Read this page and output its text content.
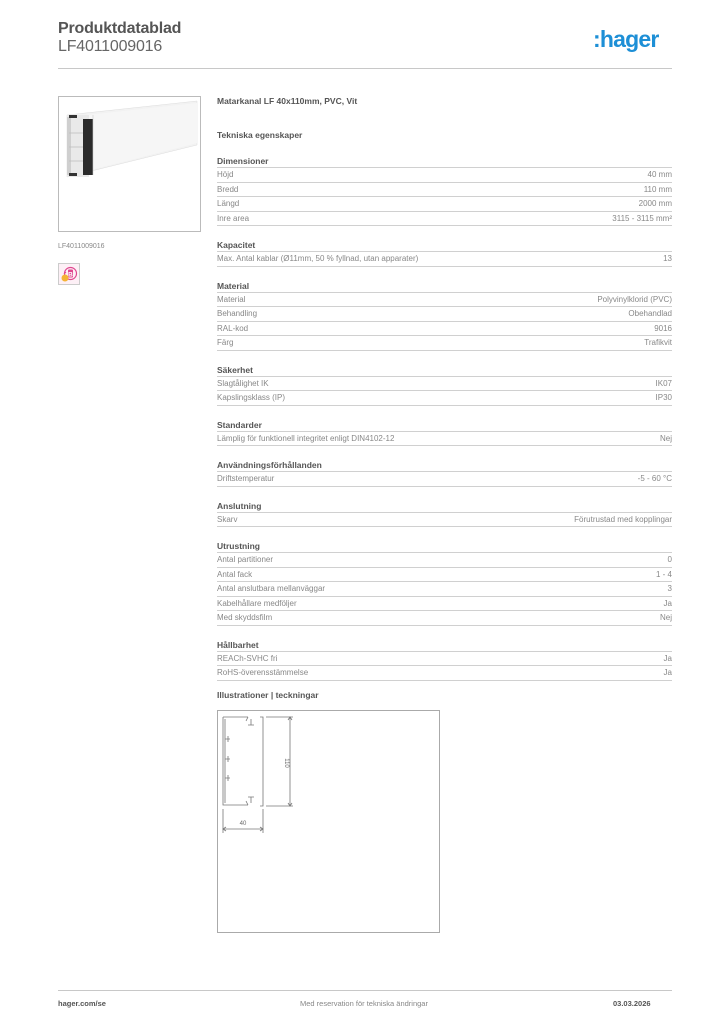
Produktdatablad
LF4011009016	:hager
LF4011009016
B
Matarkanal LF 40x110mm, PVC, Vit
Tekniska egenskaper
Dimensioner
Höjd	40 mm
Bredd	110 mm
Längd	2000 mm
Inre area	3115 - 3115 mm²
Kapacitet
Max. Antal kablar (Ø11mm, 50 % fyllnad, utan apparater)	13
Material
Material	Polyvinylklorid (PVC)
Behandling	Obehandlad
RAL-kod	9016
Färg	Trafikvit
Säkerhet
Slagtålighet IK	IK07
Kapslingsklass (IP)	IP30
Standarder
Lämplig för funktionell integritet enligt DIN4102-12	Nej
Användningsförhållanden
Driftstemperatur	-5 - 60 °C
Anslutning
Skarv	Förutrustad med kopplingar
Utrustning
Antal partitioner	0
Antal fack	1 - 4
Antal anslutbara mellanväggar	3
Kabelhållare medföljer	Ja
Med skyddsfilm	Nej
Hållbarhet
REACh-SVHC fri	Ja
RoHS-överensstämmelse	Ja
Illustrationer | teckningar
110
40
hager.com/se	Med reservation för tekniska ändringar	03.03.2026
